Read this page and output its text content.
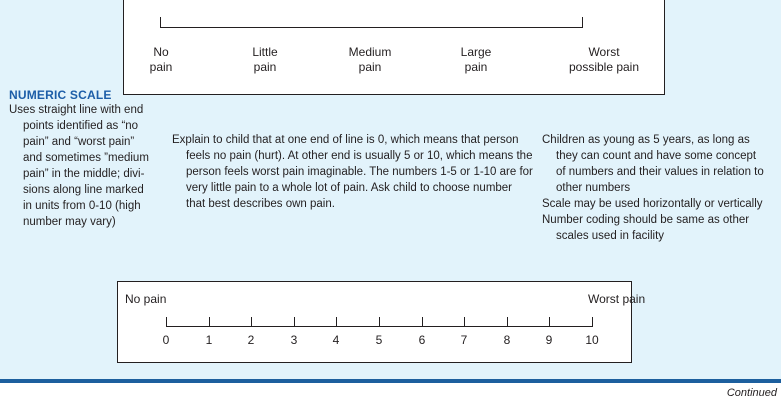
No
pain
Little
pain
Medium
pain
Large
pain
Worst
possible pain
NUMERIC SCALE
Uses straight line with end
points identified as “no
pain” and “worst pain”
and sometimes ”medium
pain” in the middle; divi-
sions along line marked
in units from 0-10 (high
number may vary)
Explain to child that at one end of line is 0, which means that person
feels no pain (hurt). At other end is usually 5 or 10, which means the
person feels worst pain imaginable. The numbers 1-5 or 1-10 are for
very little pain to a whole lot of pain. Ask child to choose number
that best describes own pain.
Children as young as 5 years, as long as
they can count and have some concept
of numbers and their values in relation to
other numbers
Scale may be used horizontally or vertically
Number coding should be same as other
scales used in facility
No pain	Worst pain
0	1	2	3	4	5	6	7	8	9	10
Continued
